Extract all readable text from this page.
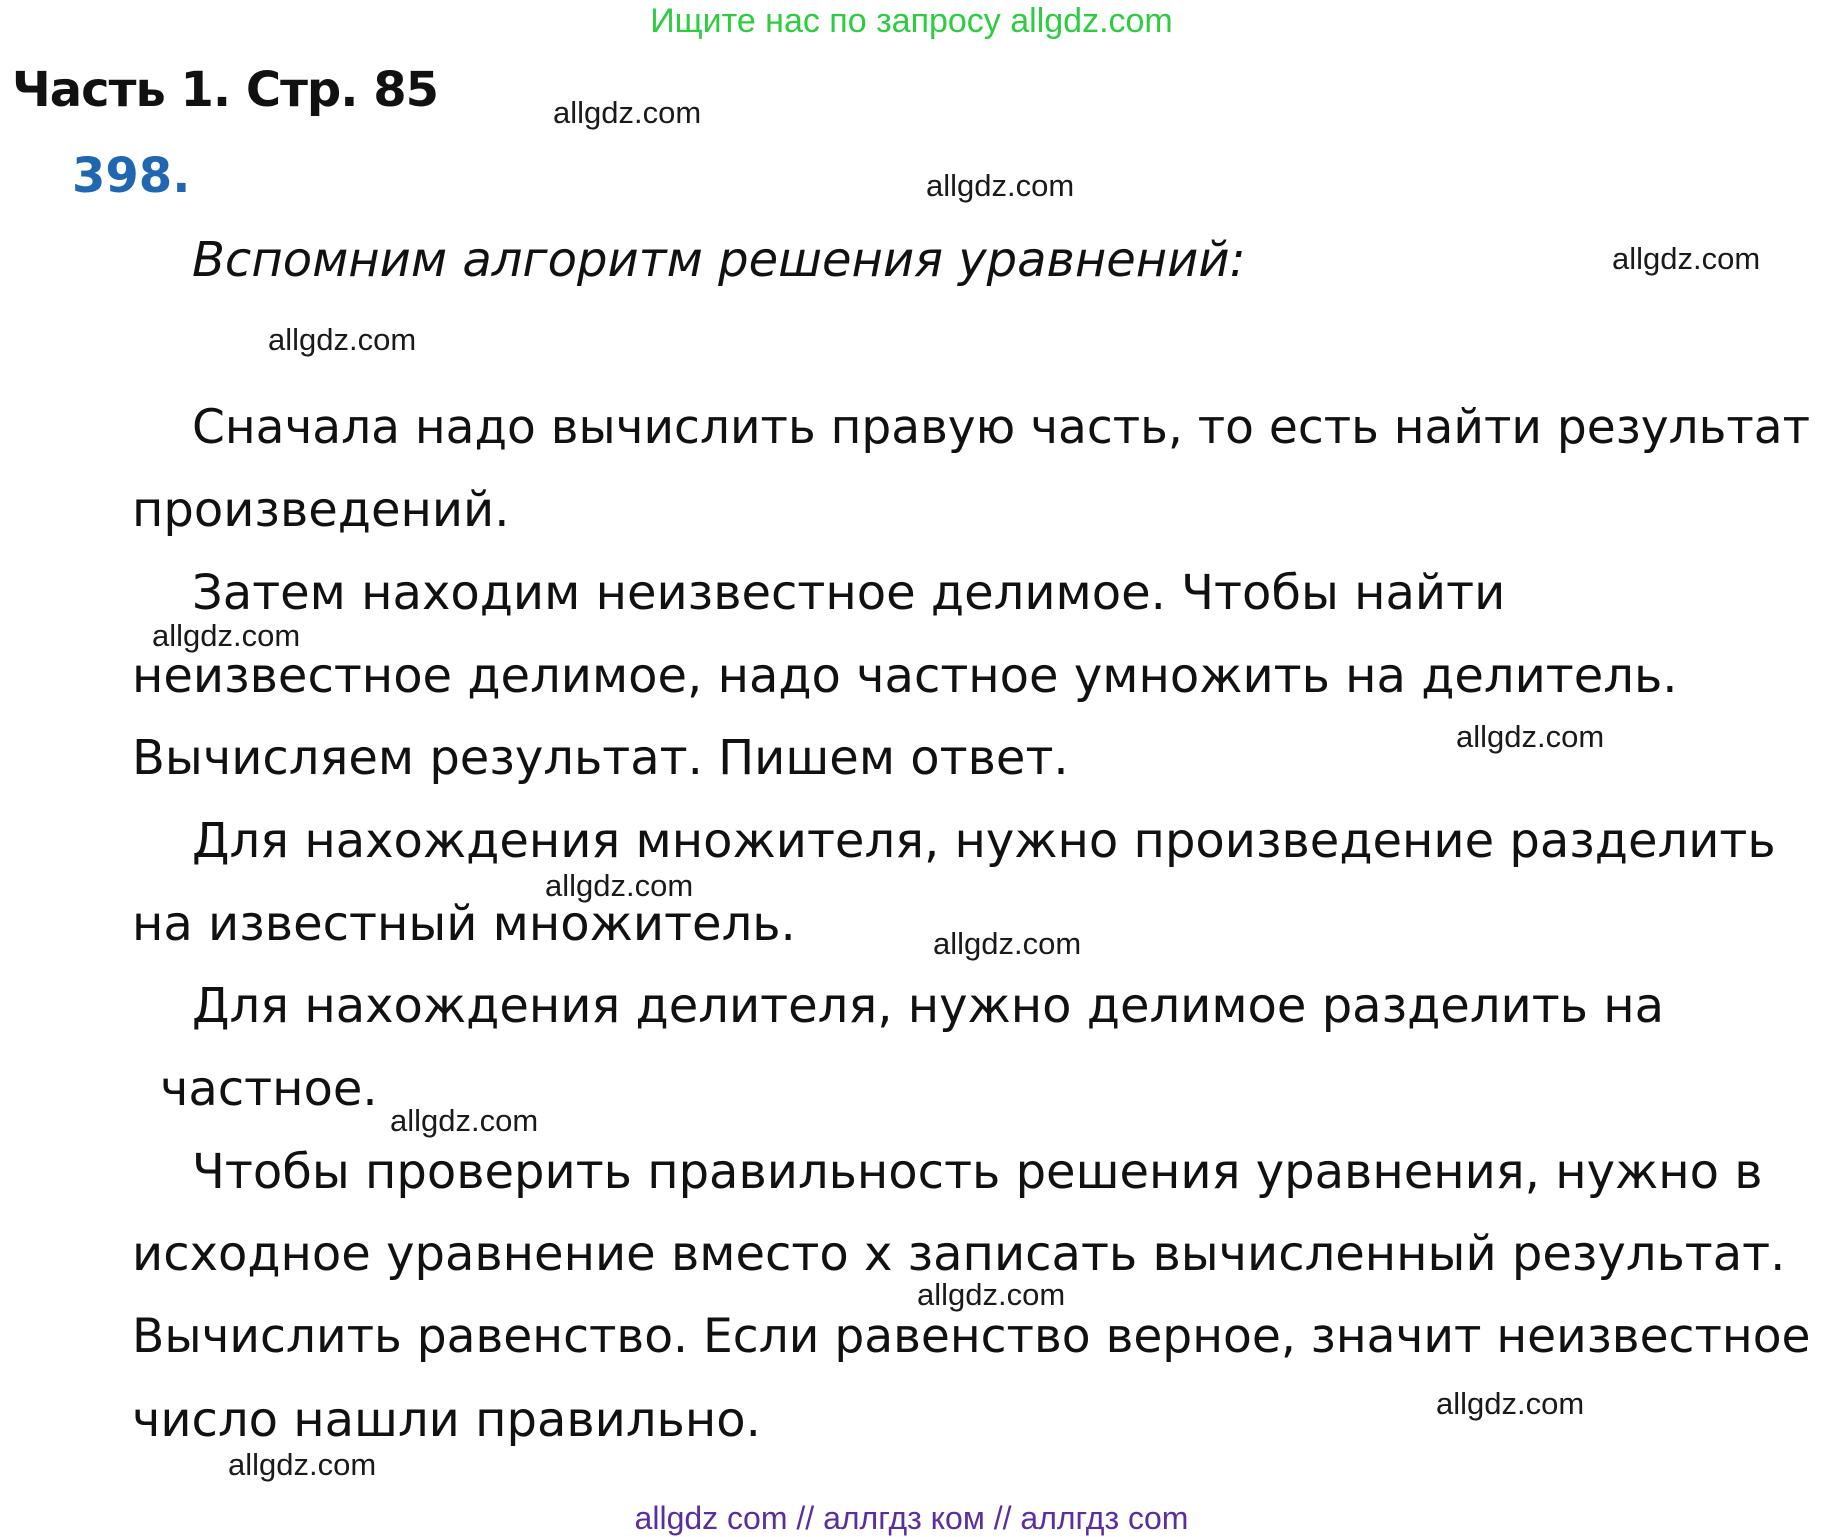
Ищите нас по запросу allgdz.com
Часть 1. Стр. 85
398.
Вспомним алгоритм решения уравнений:
Сначала надо вычислить правую часть, то есть найти результат
произведений.
Затем находим неизвестное делимое. Чтобы найти
неизвестное делимое, надо частное умножить на делитель.
Вычисляем результат. Пишем ответ.
Для нахождения множителя, нужно произведение разделить
на известный множитель.
Для нахождения делителя, нужно делимое разделить на
частное.
Чтобы проверить правильность решения уравнения, нужно в
исходное уравнение вместо х записать вычисленный результат.
Вычислить равенство. Если равенство верное, значит неизвестное
число нашли правильно.
allgdz.com
allgdz.com
allgdz.com
allgdz.com
allgdz.com
allgdz.com
allgdz.com
allgdz.com
allgdz.com
allgdz.com
allgdz.com
allgdz.com
allgdz com // аллгдз ком // аллгдз com
